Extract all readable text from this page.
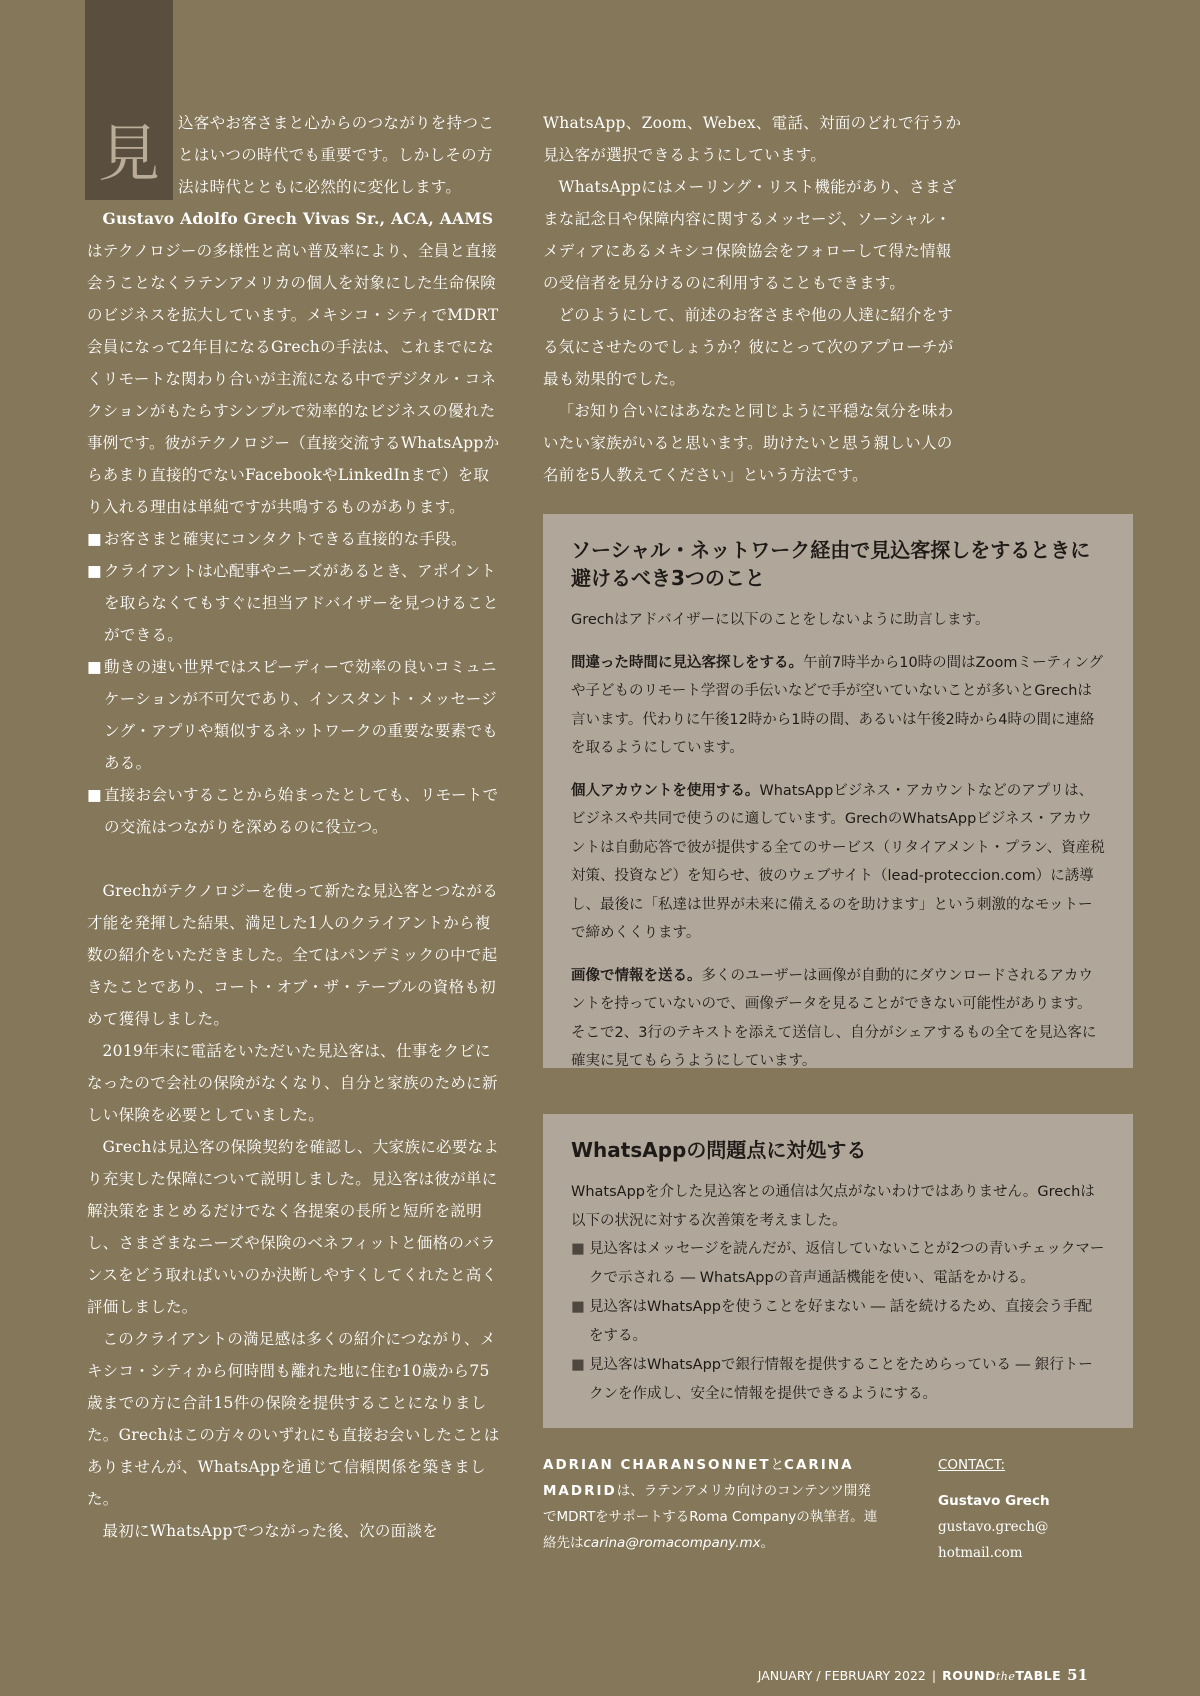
見	込客やお客さまと心からのつながりを持つことはいつの時代でも重要です。しかしその方法は時代とともに必然的に変化します。

Gustavo Adolfo Grech Vivas Sr., ACA, AAMSはテクノロジーの多様性と高い普及率により、全員と直接会うことなくラテンアメリカの個人を対象にした生命保険のビジネスを拡大しています。メキシコ・シティでMDRT会員になって2年目になるGrechの手法は、これまでになくリモートな関わり合いが主流になる中でデジタル・コネクションがもたらすシンプルで効率的なビジネスの優れた事例です。彼がテクノロジー（直接交流するWhatsAppからあまり直接的でないFacebookやLinkedInまで）を取り入れる理由は単純ですが共鳴するものがあります。

■ お客さまと確実にコンタクトできる直接的な手段。
■ クライアントは心配事やニーズがあるとき、アポイントを取らなくてもすぐに担当アドバイザーを見つけることができる。
■ 動きの速い世界ではスピーディーで効率の良いコミュニケーションが不可欠であり、インスタント・メッセージング・アプリや類似するネットワークの重要な要素でもある。
■ 直接お会いすることから始まったとしても、リモートでの交流はつながりを深めるのに役立つ。

Grechがテクノロジーを使って新たな見込客とつながる才能を発揮した結果、満足した1人のクライアントから複数の紹介をいただきました。全てはパンデミックの中で起きたことであり、コート・オブ・ザ・テーブルの資格も初めて獲得しました。

2019年末に電話をいただいた見込客は、仕事をクビになったので会社の保険がなくなり、自分と家族のために新しい保険を必要としていました。

Grechは見込客の保険契約を確認し、大家族に必要なより充実した保障について説明しました。見込客は彼が単に解決策をまとめるだけでなく各提案の長所と短所を説明し、さまざまなニーズや保険のベネフィットと価格のバランスをどう取ればいいのか決断しやすくしてくれたと高く評価しました。

このクライアントの満足感は多くの紹介につながり、メキシコ・シティから何時間も離れた地に住む10歳から75歳までの方に合計15件の保険を提供することになりました。Grechはこの方々のいずれにも直接お会いしたことはありませんが、WhatsAppを通じて信頼関係を築きました。

最初にWhatsAppでつながった後、次の面談を

WhatsApp、Zoom、Webex、電話、対面のどれで行うか見込客が選択できるようにしています。

WhatsAppにはメーリング・リスト機能があり、さまざまな記念日や保障内容に関するメッセージ、ソーシャル・メディアにあるメキシコ保険協会をフォローして得た情報の受信者を見分けるのに利用することもできます。

どのようにして、前述のお客さまや他の人達に紹介をする気にさせたのでしょうか？彼にとって次のアプローチが最も効果的でした。

「お知り合いにはあなたと同じように平穏な気分を味わいたい家族がいると思います。助けたいと思う親しい人の名前を5人教えてください」という方法です。

ソーシャル・ネットワーク経由で見込客探しをするときに避けるべき3つのこと

Grechはアドバイザーに以下のことをしないように助言します。

間違った時間に見込客探しをする。午前7時半から10時の間はZoomミーティングや子どものリモート学習の手伝いなどで手が空いていないことが多いとGrechは言います。代わりに午後12時から1時の間、あるいは午後2時から4時の間に連絡を取るようにしています。

個人アカウントを使用する。WhatsAppビジネス・アカウントなどのアプリは、ビジネスや共同で使うのに適しています。GrechのWhatsAppビジネス・アカウントは自動応答で彼が提供する全てのサービス（リタイアメント・プラン、資産税対策、投資など）を知らせ、彼のウェブサイト（lead-proteccion.com）に誘導し、最後に「私達は世界が未来に備えるのを助けます」という刺激的なモットーで締めくくります。

画像で情報を送る。多くのユーザーは画像が自動的にダウンロードされるアカウントを持っていないので、画像データを見ることができない可能性があります。そこで2、3行のテキストを添えて送信し、自分がシェアするもの全てを見込客に確実に見てもらうようにしています。

WhatsAppの問題点に対処する

WhatsAppを介した見込客との通信は欠点がないわけではありません。Grechは以下の状況に対する次善策を考えました。

■ 見込客はメッセージを読んだが、返信していないことが2つの青いチェックマークで示される ― WhatsAppの音声通話機能を使い、電話をかける。
■ 見込客はWhatsAppを使うことを好まない ― 話を続けるため、直接会う手配をする。
■ 見込客はWhatsAppで銀行情報を提供することをためらっている ― 銀行トークンを作成し、安全に情報を提供できるようにする。
ADRIAN CHARANSONNETとCARINA MADRIDは、ラテンアメリカ向けのコンテンツ開発でMDRTをサポートするRoma Companyの執筆者。連絡先はcarina@romacompany.mx。
CONTACT:
Gustavo Grech
gustavo.grech@
hotmail.com
JANUARY / FEBRUARY 2022 | ROUNDtheTABLE 51
